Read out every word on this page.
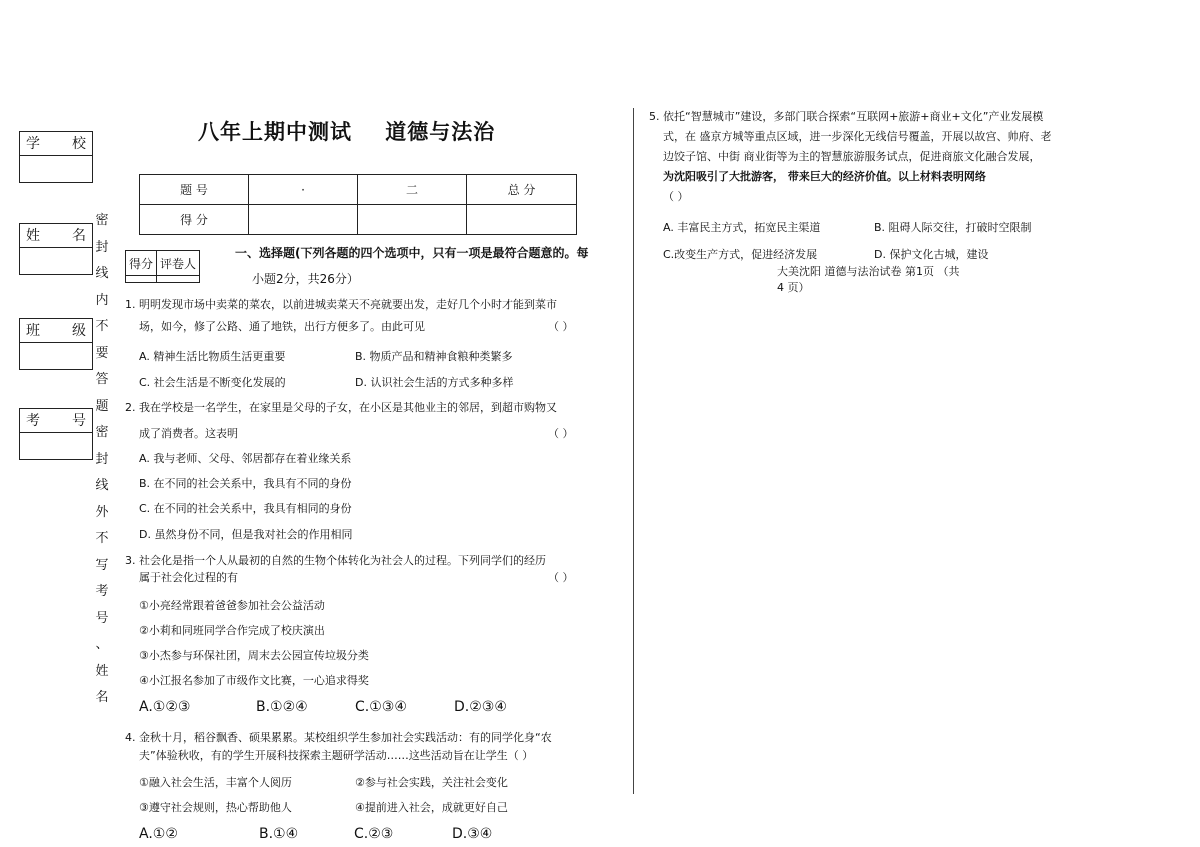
八年上期中测试    道德与法治
学 校
姓 名
班 级
考 号
密
封
线
内
不
要
答
题
密
封
线
外
不
写
考
号
、
姓
名
题 号	·	二	总 分
得 分			
得分	评卷人

一、选择题(下列各题的四个选项中，只有一项是最符合题意的。每
小题2分，共26分）
1. 明明发现市场中卖菜的菜农，以前进城卖菜天不亮就要出发，走好几个小时才能到菜市
场，如今，修了公路、通了地铁，出行方便多了。由此可见	（ ）
A. 精神生活比物质生活更重要	B. 物质产品和精神食粮种类繁多
C. 社会生活是不断变化发展的	D. 认识社会生活的方式多种多样
2. 我在学校是一名学生，在家里是父母的子女，在小区是其他业主的邻居，到超市购物又
成了消费者。这表明	（ ）
A. 我与老师、父母、邻居都存在着业缘关系
B. 在不同的社会关系中，我具有不同的身份
C. 在不同的社会关系中，我具有相同的身份
D. 虽然身份不同，但是我对社会的作用相同
3. 社会化是指一个人从最初的自然的生物个体转化为社会人的过程。下列同学们的经历
属于社会化过程的有	（ ）
①小亮经常跟着爸爸参加社会公益活动
②小莉和同班同学合作完成了校庆演出
③小杰参与环保社团，周末去公园宣传垃圾分类
④小江报名参加了市级作文比赛，一心追求得奖
A.①②③	B.①②④	C.①③④	D.②③④
4. 金秋十月，稻谷飘香、硕果累累。某校组织学生参加社会实践活动：有的同学化身“农
夫”体验秋收，有的学生开展科技探索主题研学活动……这些活动旨在让学生（ ）
①融入社会生活，丰富个人阅历	②参与社会实践，关注社会变化
③遵守社会规则，热心帮助他人	④提前进入社会，成就更好自己
A.①②	B.①④	C.②③	D.③④
5. 依托“智慧城市”建设，多部门联合探索“互联网+旅游+商业+文化”产业发展模
式，在 盛京方城等重点区域，进一步深化无线信号覆盖，开展以故宫、帅府、老
边饺子馆、中街 商业街等为主的智慧旅游服务试点，促进商旅文化融合发展，
为沈阳吸引了大批游客， 带来巨大的经济价值。以上材料表明网络
（ ）
A. 丰富民主方式，拓宽民主渠道	B. 阻碍人际交往，打破时空限制
C.改变生产方式，促进经济发展	D. 保护文化古城，建设
大美沈阳 道德与法治试卷 第1页 （共
4 页）
